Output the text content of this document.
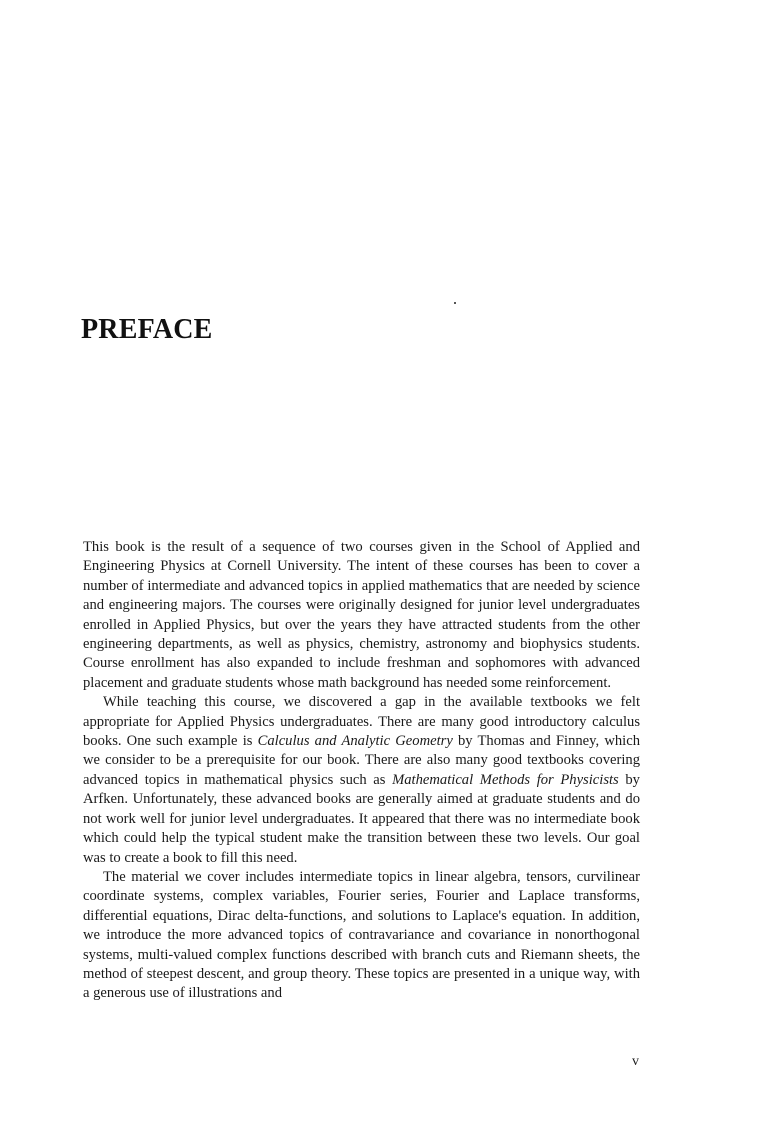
PREFACE

This book is the result of a sequence of two courses given in the School of Applied and Engineering Physics at Cornell University. The intent of these courses has been to cover a number of intermediate and advanced topics in applied mathematics that are needed by science and engineering majors. The courses were originally designed for junior level undergraduates enrolled in Applied Physics, but over the years they have attracted students from the other engineering departments, as well as physics, chemistry, astronomy and biophysics students. Course enrollment has also expanded to include freshman and sophomores with advanced placement and graduate students whose math background has needed some reinforcement.

While teaching this course, we discovered a gap in the available textbooks we felt appropriate for Applied Physics undergraduates. There are many good introductory calculus books. One such example is Calculus and Analytic Geometry by Thomas and Finney, which we consider to be a prerequisite for our book. There are also many good textbooks covering advanced topics in mathematical physics such as Mathematical Methods for Physicists by Arfken. Unfortunately, these advanced books are generally aimed at graduate students and do not work well for junior level undergraduates. It appeared that there was no intermediate book which could help the typical student make the transition between these two levels. Our goal was to create a book to fill this need.

The material we cover includes intermediate topics in linear algebra, tensors, curvilinear coordinate systems, complex variables, Fourier series, Fourier and Laplace transforms, differential equations, Dirac delta-functions, and solutions to Laplace's equation. In addition, we introduce the more advanced topics of contravariance and covariance in nonorthogonal systems, multi-valued complex functions described with branch cuts and Riemann sheets, the method of steepest descent, and group theory. These topics are presented in a unique way, with a generous use of illustrations and

v
